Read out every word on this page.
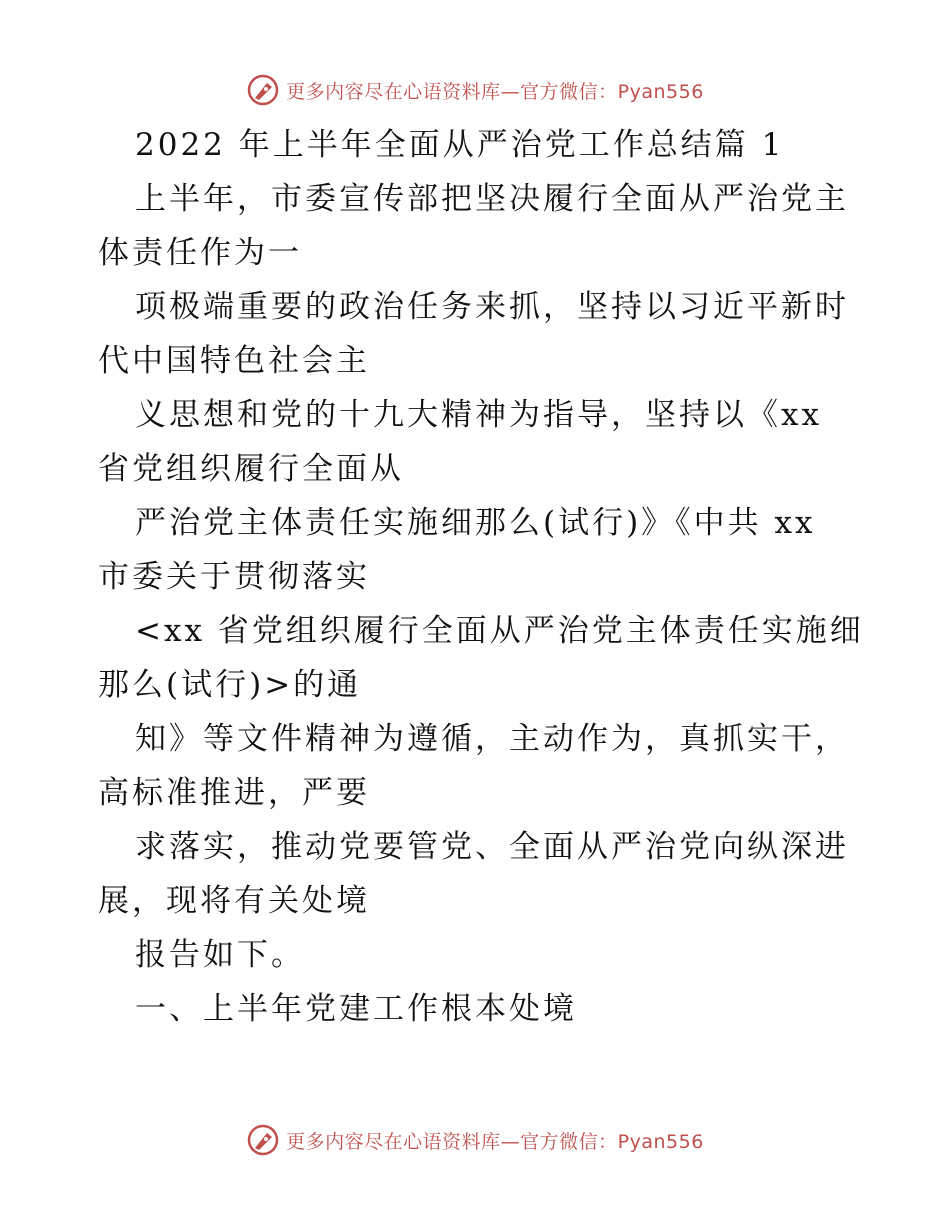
更多内容尽在心语资料库—官方微信：Pyan556
2022 年上半年全面从严治党工作总结篇 1
上半年，市委宣传部把坚决履行全面从严治党主
体责任作为一
项极端重要的政治任务来抓，坚持以习近平新时
代中国特色社会主
义思想和党的十九大精神为指导，坚持以《xx
省党组织履行全面从
严治党主体责任实施细那么(试行)》《中共 xx
市委关于贯彻落实
<xx 省党组织履行全面从严治党主体责任实施细
那么(试行)>的通
知》等文件精神为遵循，主动作为，真抓实干，
高标准推进，严要
求落实，推动党要管党、全面从严治党向纵深进
展，现将有关处境
报告如下。
一、上半年党建工作根本处境
更多内容尽在心语资料库—官方微信：Pyan556
